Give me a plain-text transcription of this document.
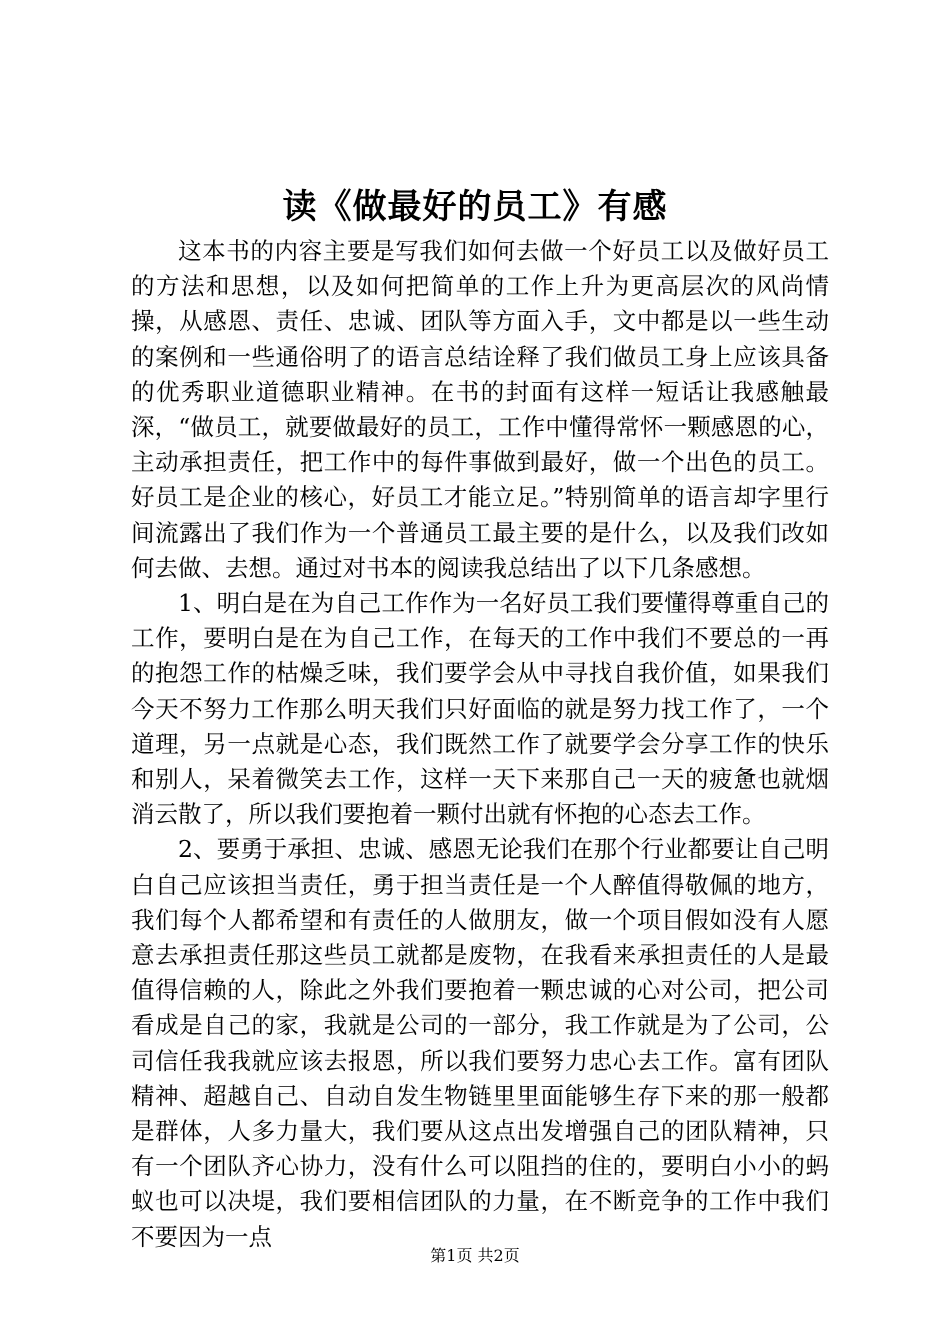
读《做最好的员工》有感

这本书的内容主要是写我们如何去做一个好员工以及做好员工的方法和思想，以及如何把简单的工作上升为更高层次的风尚情操，从感恩、责任、忠诚、团队等方面入手，文中都是以一些生动的案例和一些通俗明了的语言总结诠释了我们做员工身上应该具备的优秀职业道德职业精神。在书的封面有这样一短话让我感触最深，“做员工，就要做最好的员工，工作中懂得常怀一颗感恩的心，主动承担责任，把工作中的每件事做到最好，做一个出色的员工。好员工是企业的核心，好员工才能立足。”特别简单的语言却字里行间流露出了我们作为一个普通员工最主要的是什么，以及我们改如何去做、去想。通过对书本的阅读我总结出了以下几条感想。

1、明白是在为自己工作作为一名好员工我们要懂得尊重自己的工作，要明白是在为自己工作，在每天的工作中我们不要总的一再的抱怨工作的枯燥乏味，我们要学会从中寻找自我价值，如果我们今天不努力工作那么明天我们只好面临的就是努力找工作了，一个道理，另一点就是心态，我们既然工作了就要学会分享工作的快乐和别人，呆着微笑去工作，这样一天下来那自己一天的疲惫也就烟消云散了，所以我们要抱着一颗付出就有怀抱的心态去工作。

2、要勇于承担、忠诚、感恩无论我们在那个行业都要让自己明白自己应该担当责任，勇于担当责任是一个人醉值得敬佩的地方，我们每个人都希望和有责任的人做朋友，做一个项目假如没有人愿意去承担责任那这些员工就都是废物，在我看来承担责任的人是最值得信赖的人，除此之外我们要抱着一颗忠诚的心对公司，把公司看成是自己的家，我就是公司的一部分，我工作就是为了公司，公司信任我我就应该去报恩，所以我们要努力忠心去工作。富有团队精神、超越自己、自动自发生物链里里面能够生存下来的那一般都是群体，人多力量大，我们要从这点出发增强自己的团队精神，只有一个团队齐心协力，没有什么可以阻挡的住的，要明白小小的蚂蚁也可以决堤，我们要相信团队的力量，在不断竞争的工作中我们不要因为一点

第1页 共2页
